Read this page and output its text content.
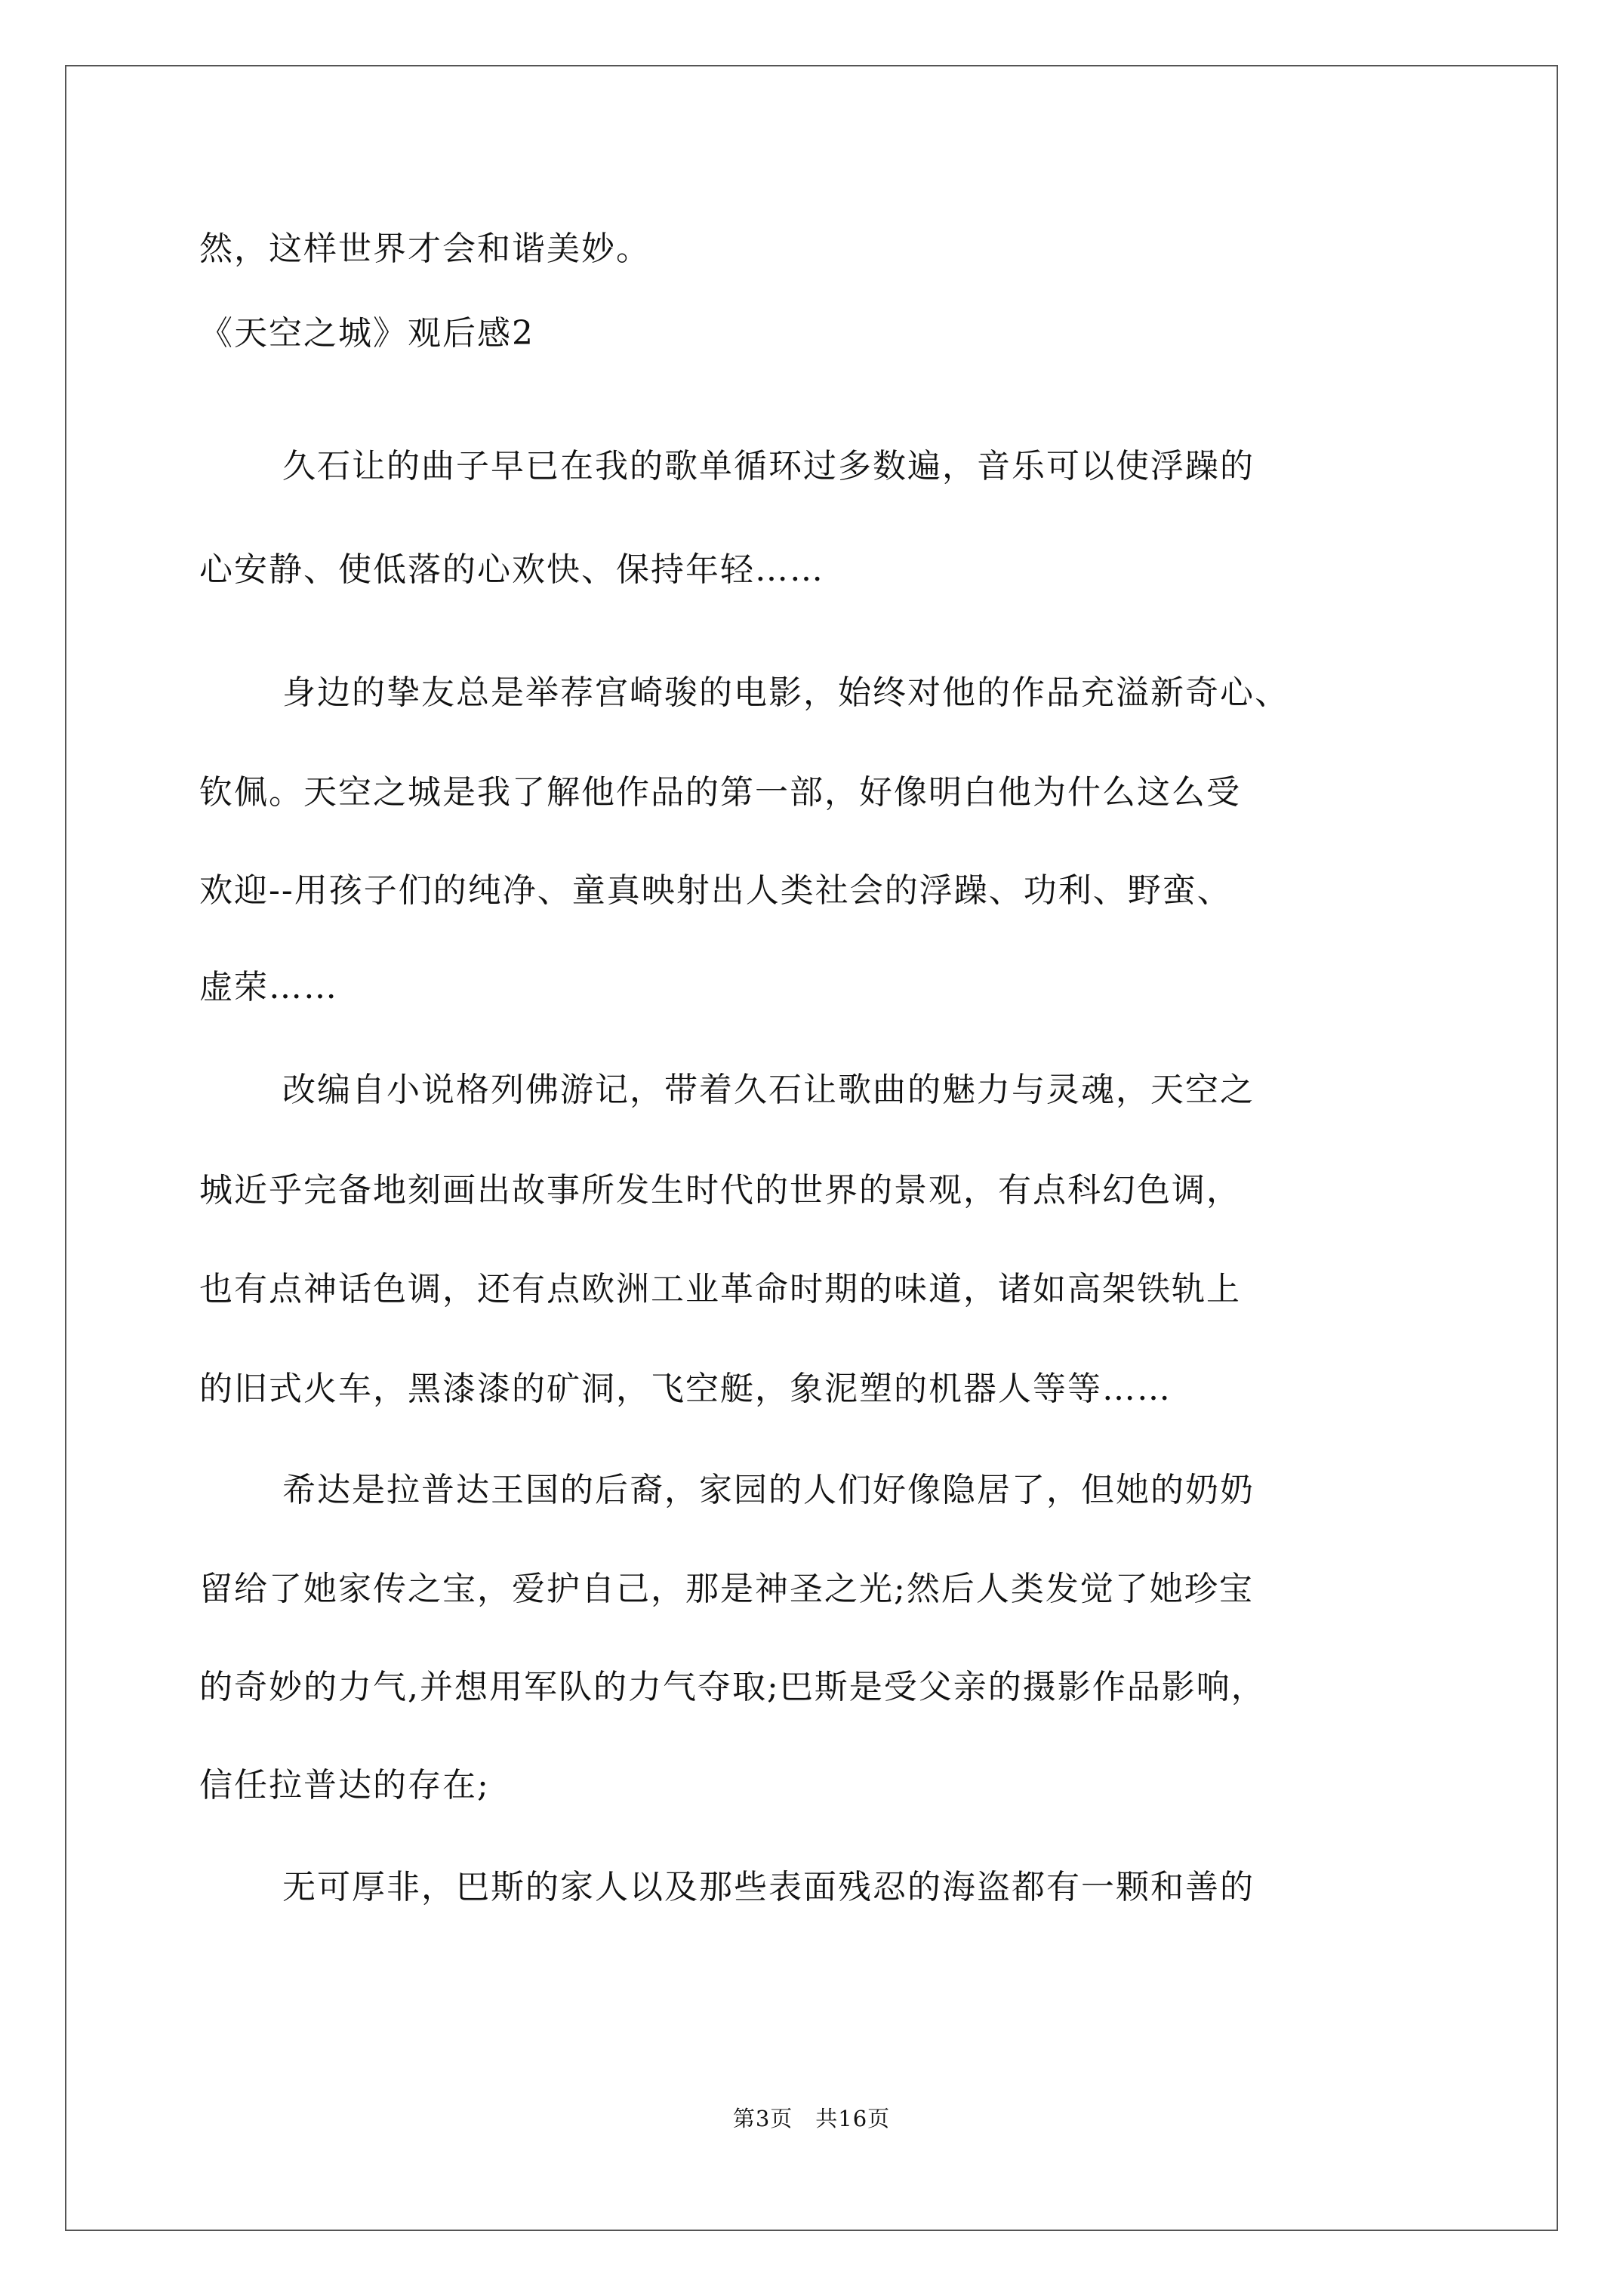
然，这样世界才会和谐美妙。
《天空之城》观后感2
久石让的曲子早已在我的歌单循环过多数遍，音乐可以使浮躁的
心安静、使低落的心欢快、保持年轻……
身边的挚友总是举荐宫崎骏的电影，始终对他的作品充溢新奇心、
钦佩。天空之城是我了解他作品的第一部，好像明白他为什么这么受
欢迎--用孩子们的纯净、童真映射出人类社会的浮躁、功利、野蛮、
虚荣……
改编自小说格列佛游记，带着久石让歌曲的魅力与灵魂，天空之
城近乎完备地刻画出故事所发生时代的世界的景观，有点科幻色调，
也有点神话色调，还有点欧洲工业革命时期的味道，诸如高架铁轨上
的旧式火车，黑漆漆的矿洞，飞空艇，象泥塑的机器人等等……
希达是拉普达王国的后裔，家园的人们好像隐居了，但她的奶奶
留给了她家传之宝，爱护自己，那是神圣之光;然后人类发觉了她珍宝
的奇妙的力气,并想用军队的力气夺取;巴斯是受父亲的摄影作品影响，
信任拉普达的存在;
无可厚非，巴斯的家人以及那些表面残忍的海盗都有一颗和善的
第3页　共16页
